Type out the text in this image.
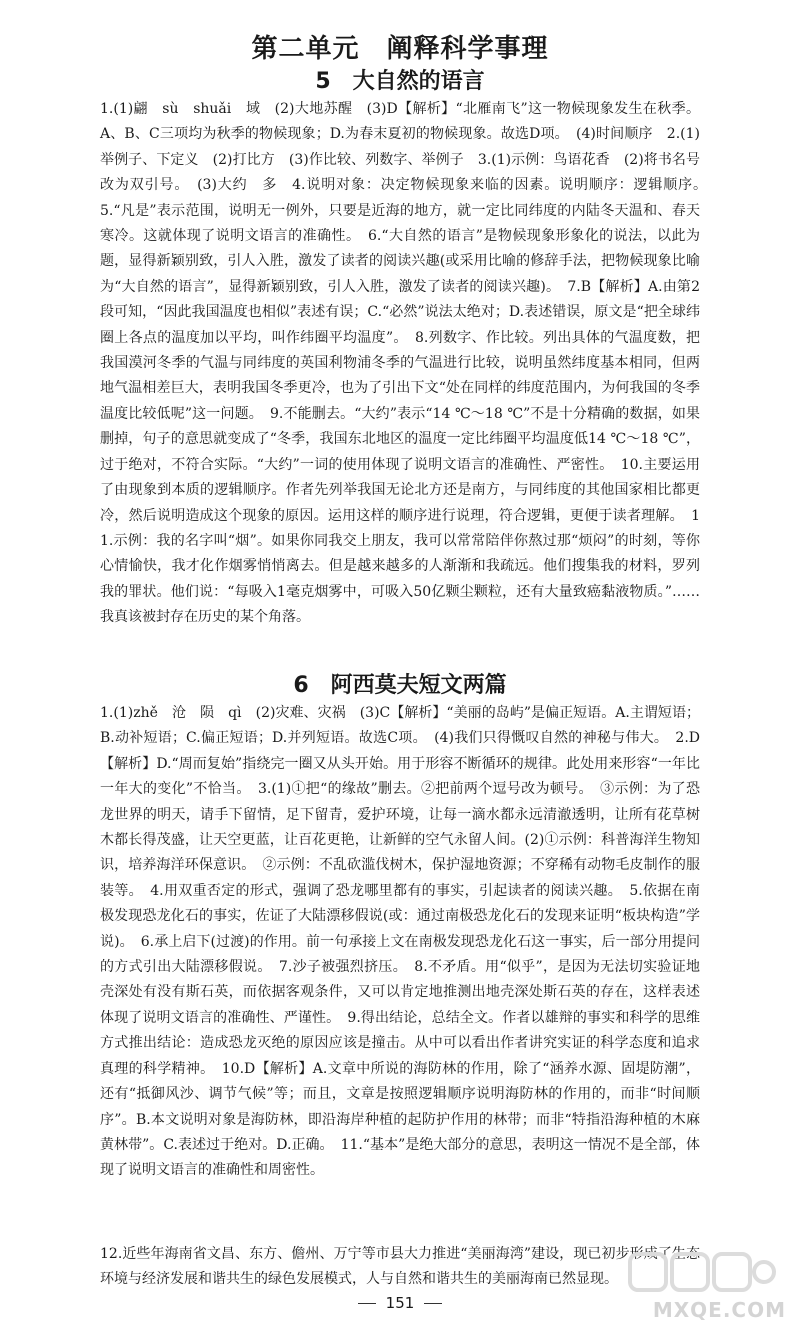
第二单元　阐释科学事理
5　大自然的语言
1.(1)翩　sù　shuǎi　域　(2)大地苏醒　(3)D【解析】“北雁南飞”这一物候现象发生在秋季。A、B、C三项均为秋季的物候现象；D.为春末夏初的物候现象。故选D项。　(4)时间顺序　2.(1)举例子、下定义　(2)打比方　(3)作比较、列数字、举例子　3.(1)示例：鸟语花香　(2)将书名号改为双引号。　(3)大约　多　4.说明对象：决定物候现象来临的因素。说明顺序：逻辑顺序。　5.“凡是”表示范围，说明无一例外，只要是近海的地方，就一定比同纬度的内陆冬天温和、春天寒冷。这就体现了说明文语言的准确性。　6.“大自然的语言”是物候现象形象化的说法，以此为题，显得新颖别致，引人入胜，激发了读者的阅读兴趣(或采用比喻的修辞手法，把物候现象比喻为“大自然的语言”，显得新颖别致，引人入胜，激发了读者的阅读兴趣)。　7.B【解析】A.由第2段可知，“因此我国温度也相似”表述有误；C.“必然”说法太绝对；D.表述错误，原文是“把全球纬圈上各点的温度加以平均，叫作纬圈平均温度”。　8.列数字、作比较。列出具体的气温度数，把我国漠河冬季的气温与同纬度的英国利物浦冬季的气温进行比较，说明虽然纬度基本相同，但两地气温相差巨大，表明我国冬季更冷，也为了引出下文“处在同样的纬度范围内，为何我国的冬季温度比较低呢”这一问题。　9.不能删去。“大约”表示“14 ℃～18 ℃”不是十分精确的数据，如果删掉，句子的意思就变成了“冬季，我国东北地区的温度一定比纬圈平均温度低14 ℃～18 ℃”，过于绝对，不符合实际。“大约”一词的使用体现了说明文语言的准确性、严密性。　10.主要运用了由现象到本质的逻辑顺序。作者先列举我国无论北方还是南方，与同纬度的其他国家相比都更冷，然后说明造成这个现象的原因。运用这样的顺序进行说理，符合逻辑，更便于读者理解。　11.示例：我的名字叫“烟”。如果你同我交上朋友，我可以常常陪伴你熬过那“烦闷”的时刻，等你心情愉快，我才化作烟雾悄悄离去。但是越来越多的人渐渐和我疏远。他们搜集我的材料，罗列我的罪状。他们说：“每吸入1毫克烟雾中，可吸入50亿颗尘颗粒，还有大量致癌黏液物质。”……我真该被封存在历史的某个角落。
6　阿西莫夫短文两篇
1.(1)zhě　沧　陨　qì　(2)灾难、灾祸　(3)C【解析】“美丽的岛屿”是偏正短语。A.主谓短语；B.动补短语；C.偏正短语；D.并列短语。故选C项。　(4)我们只得慨叹自然的神秘与伟大。　2.D【解析】D.“周而复始”指绕完一圈又从头开始。用于形容不断循环的规律。此处用来形容“一年比一年大的变化”不恰当。　3.(1)①把“的缘故”删去。②把前两个逗号改为顿号。　③示例：为了恐龙世界的明天，请手下留情，足下留青，爱护环境，让每一滴水都永远清澈透明，让所有花草树木都长得茂盛，让天空更蓝，让百花更艳，让新鲜的空气永留人间。(2)①示例：科普海洋生物知识，培养海洋环保意识。　②示例：不乱砍滥伐树木，保护湿地资源；不穿稀有动物毛皮制作的服装等。　4.用双重否定的形式，强调了恐龙哪里都有的事实，引起读者的阅读兴趣。　5.依据在南极发现恐龙化石的事实，佐证了大陆漂移假说(或：通过南极恐龙化石的发现来证明“板块构造”学说)。　6.承上启下(过渡)的作用。前一句承接上文在南极发现恐龙化石这一事实，后一部分用提问的方式引出大陆漂移假说。　7.沙子被强烈挤压。　8.不矛盾。用“似乎”，是因为无法切实验证地壳深处有没有斯石英，而依据客观条件，又可以肯定地推测出地壳深处斯石英的存在，这样表述体现了说明文语言的准确性、严谨性。　9.得出结论，总结全文。作者以雄辩的事实和科学的思维方式推出结论：造成恐龙灭绝的原因应该是撞击。从中可以看出作者讲究实证的科学态度和追求真理的科学精神。　10.D【解析】A.文章中所说的海防林的作用，除了“涵养水源、固堤防潮”，还有“抵御风沙、调节气候”等；而且，文章是按照逻辑顺序说明海防林的作用的，而非“时间顺序”。B.本文说明对象是海防林，即沿海岸种植的起防护作用的林带；而非“特指沿海种植的木麻黄林带”。C.表述过于绝对。D.正确。　11.“基本”是绝大部分的意思，表明这一情况不是全部，体现了说明文语言的准确性和周密性。
12.近些年海南省文昌、东方、儋州、万宁等市县大力推进“美丽海湾”建设，现已初步形成了生态环境与经济发展和谐共生的绿色发展模式，人与自然和谐共生的美丽海南已然显现。
151	MXQE.COM
